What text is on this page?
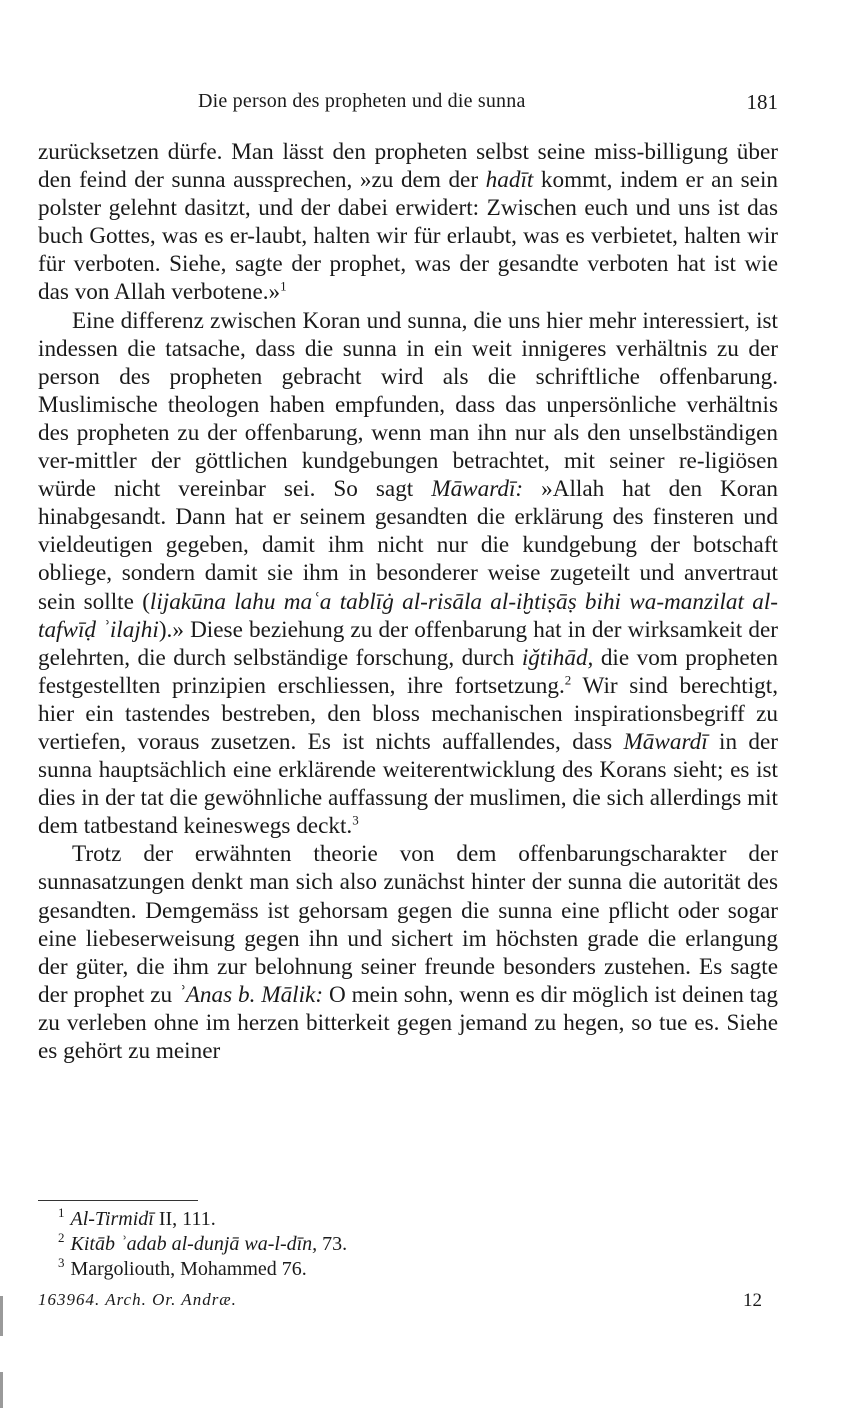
Die person des propheten und die sunna	181

zurücksetzen dürfe. Man lässt den propheten selbst seine miss-billigung über den feind der sunna aussprechen, »zu dem der hadīt kommt, indem er an sein polster gelehnt dasitzt, und der dabei erwidert: Zwischen euch und uns ist das buch Gottes, was es er-laubt, halten wir für erlaubt, was es verbietet, halten wir für verboten. Siehe, sagte der prophet, was der gesandte verboten hat ist wie das von Allah verbotene.»$^1$

Eine differenz zwischen Koran und sunna, die uns hier mehr interessiert, ist indessen die tatsache, dass die sunna in ein weit innigeres verhältnis zu der person des propheten gebracht wird als die schriftliche offenbarung. Muslimische theologen haben empfunden, dass das unpersönliche verhältnis des propheten zu der offenbarung, wenn man ihn nur als den unselbständigen ver-mittler der göttlichen kundgebungen betrachtet, mit seiner re-ligiösen würde nicht vereinbar sei. So sagt Māwardī: »Allah hat den Koran hinabgesandt. Dann hat er seinem gesandten die erklärung des finsteren und vieldeutigen gegeben, damit ihm nicht nur die kundgebung der botschaft obliege, sondern damit sie ihm in besonderer weise zugeteilt und anvertraut sein sollte (lijakūna lahu maʿa tablīġ al-risāla al-iḫtiṣāṣ bihi wa-manzilat al-tafwīḍ ʾilajhi).» Diese beziehung zu der offenbarung hat in der wirksamkeit der gelehrten, die durch selbständige forschung, durch iǧtihād, die vom propheten festgestellten prinzipien erschliessen, ihre fortsetzung.$^2$ Wir sind berechtigt, hier ein tastendes bestreben, den bloss mechanischen inspirationsbegriff zu vertiefen, voraus zusetzen. Es ist nichts auffallendes, dass Māwardī in der sunna hauptsächlich eine erklärende weiterentwicklung des Korans sieht; es ist dies in der tat die gewöhnliche auffassung der muslimen, die sich allerdings mit dem tatbestand keineswegs deckt.$^3$

Trotz der erwähnten theorie von dem offenbarungscharakter der sunnasatzungen denkt man sich also zunächst hinter der sunna die autorität des gesandten. Demgemäss ist gehorsam gegen die sunna eine pflicht oder sogar eine liebeserweisung gegen ihn und sichert im höchsten grade die erlangung der güter, die ihm zur belohnung seiner freunde besonders zustehen. Es sagte der prophet zu ʾAnas b. Mālik: O mein sohn, wenn es dir möglich ist deinen tag zu verleben ohne im herzen bitterkeit gegen jemand zu hegen, so tue es. Siehe es gehört zu meiner

$^1$ Al-Tirmidī II, 111.
$^2$ Kitāb ʾadab al-dunjā wa-l-dīn, 73.
$^3$ Margoliouth, Mohammed 76.
163964. Arch. Or. Andræ.	12
